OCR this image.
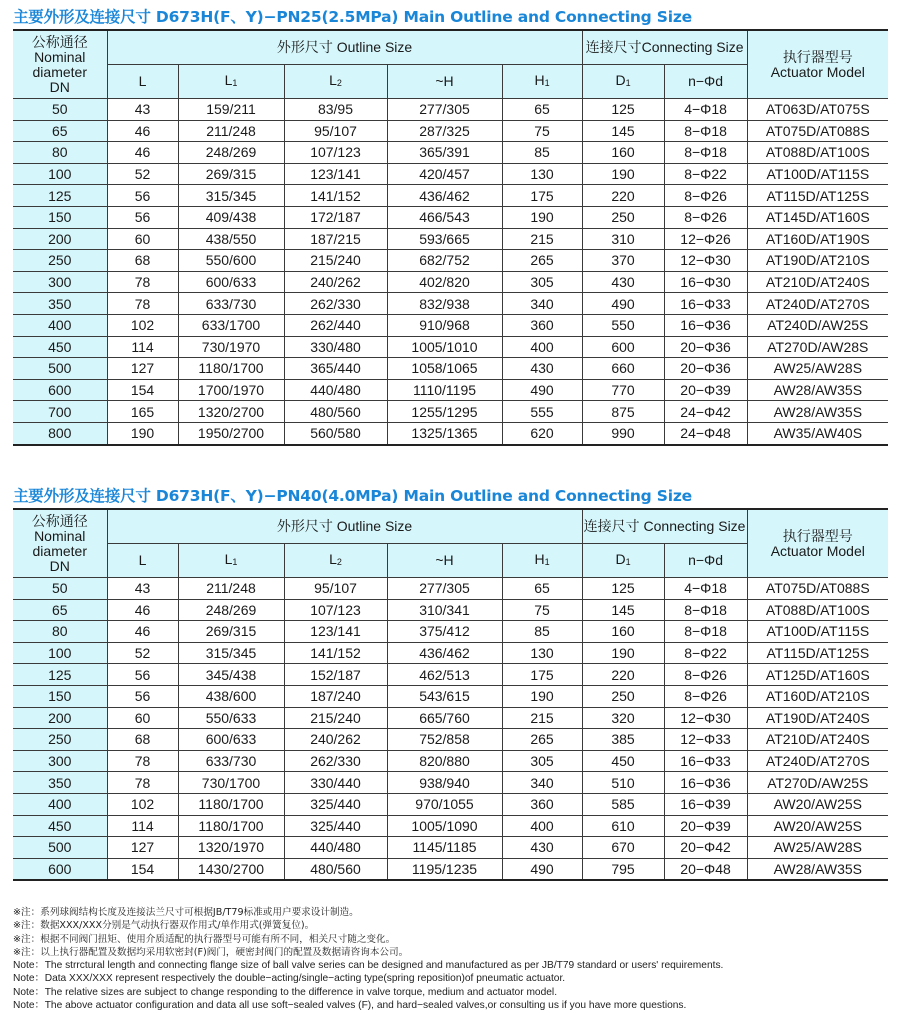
主要外形及连接尺寸 D673H(F、Y)−PN25(2.5MPa) Main Outline and Connecting Size
公称通径
Nominal
diameter
DN	外形尺寸 Outline Size					连接尺寸Connecting Size		执行器型号
Actuator Model
	L	L1	L2	~H	H1	D1	n−Φd	
50	43	159/211	83/95	277/305	65	125	4−Φ18	AT063D/AT075S
65	46	211/248	95/107	287/325	75	145	8−Φ18	AT075D/AT088S
80	46	248/269	107/123	365/391	85	160	8−Φ18	AT088D/AT100S
100	52	269/315	123/141	420/457	130	190	8−Φ22	AT100D/AT115S
125	56	315/345	141/152	436/462	175	220	8−Φ26	AT115D/AT125S
150	56	409/438	172/187	466/543	190	250	8−Φ26	AT145D/AT160S
200	60	438/550	187/215	593/665	215	310	12−Φ26	AT160D/AT190S
250	68	550/600	215/240	682/752	265	370	12−Φ30	AT190D/AT210S
300	78	600/633	240/262	402/820	305	430	16−Φ30	AT210D/AT240S
350	78	633/730	262/330	832/938	340	490	16−Φ33	AT240D/AT270S
400	102	633/1700	262/440	910/968	360	550	16−Φ36	AT240D/AW25S
450	114	730/1970	330/480	1005/1010	400	600	20−Φ36	AT270D/AW28S
500	127	1180/1700	365/440	1058/1065	430	660	20−Φ36	AW25/AW28S
600	154	1700/1970	440/480	1110/1195	490	770	20−Φ39	AW28/AW35S
700	165	1320/2700	480/560	1255/1295	555	875	24−Φ42	AW28/AW35S
800	190	1950/2700	560/580	1325/1365	620	990	24−Φ48	AW35/AW40S
主要外形及连接尺寸 D673H(F、Y)−PN40(4.0MPa) Main Outline and Connecting Size
公称通径
Nominal
diameter
DN	外形尺寸 Outline Size					连接尺寸 Connecting Size		执行器型号
Actuator Model
	L	L1	L2	~H	H1	D1	n−Φd	
50	43	211/248	95/107	277/305	65	125	4−Φ18	AT075D/AT088S
65	46	248/269	107/123	310/341	75	145	8−Φ18	AT088D/AT100S
80	46	269/315	123/141	375/412	85	160	8−Φ18	AT100D/AT115S
100	52	315/345	141/152	436/462	130	190	8−Φ22	AT115D/AT125S
125	56	345/438	152/187	462/513	175	220	8−Φ26	AT125D/AT160S
150	56	438/600	187/240	543/615	190	250	8−Φ26	AT160D/AT210S
200	60	550/633	215/240	665/760	215	320	12−Φ30	AT190D/AT240S
250	68	600/633	240/262	752/858	265	385	12−Φ33	AT210D/AT240S
300	78	633/730	262/330	820/880	305	450	16−Φ33	AT240D/AT270S
350	78	730/1700	330/440	938/940	340	510	16−Φ36	AT270D/AW25S
400	102	1180/1700	325/440	970/1055	360	585	16−Φ39	AW20/AW25S
450	114	1180/1700	325/440	1005/1090	400	610	20−Φ39	AW20/AW25S
500	127	1320/1970	440/480	1145/1185	430	670	20−Φ42	AW25/AW28S
600	154	1430/2700	480/560	1195/1235	490	795	20−Φ48	AW28/AW35S
※注：系列球阀结构长度及连接法兰尺寸可根据JB/T79标准或用户要求设计制造。
※注：数据XXX/XXX分别是气动执行器双作用式/单作用式(弹簧复位)。
※注：根据不同阀门扭矩、使用介质适配的执行器型号可能有所不同，相关尺寸随之变化。
※注：以上执行器配置及数据均采用软密封(F)阀门，硬密封阀门的配置及数据请咨询本公司。
Note：The strrctural length and connecting flange size of ball valve series can be designed and manufactured as per JB/T79 standard or users' requirements.
Note：Data XXX/XXX represent respectively the double−acting/single−acting type(spring reposition)of pneumatic actuator.
Note：The relative sizes are subject to change responding to the difference in valve torque, medium and actuator model.
Note：The above actuator configuration and data all use soft−sealed valves (F), and hard−sealed valves,or consulting us if you have more questions.
